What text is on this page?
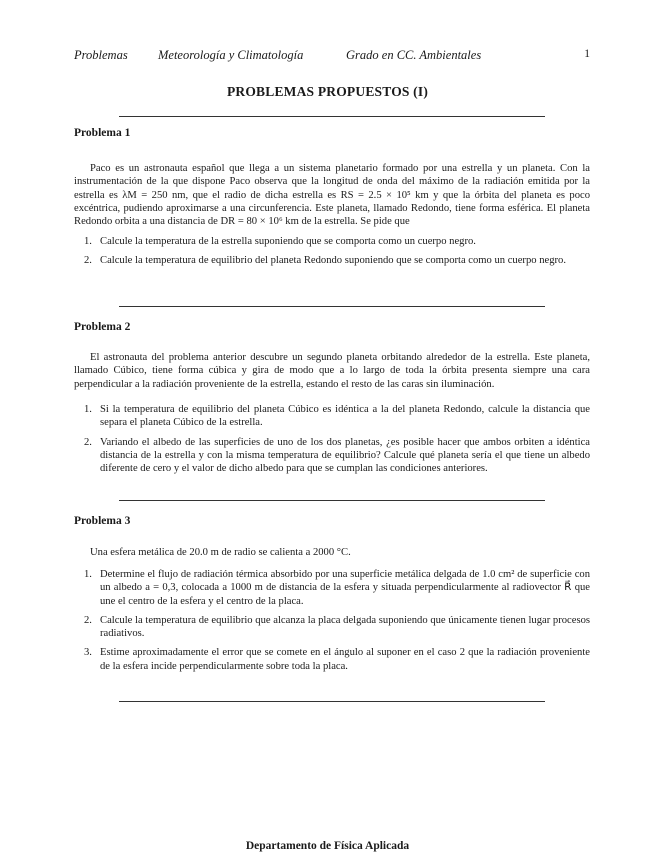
Problemas Meteorología y Climatología	Grado en CC. Ambientales	1
PROBLEMAS PROPUESTOS (I)
Problema 1

Paco es un astronauta español que llega a un sistema planetario formado por una estrella y un planeta. Con la instrumentación de la que dispone Paco observa que la longitud de onda del máximo de la radiación emitida por la estrella es λM = 250 nm, que el radio de dicha estrella es RS = 2.5 × 10⁵ km y que la órbita del planeta es poco excéntrica, pudiendo aproximarse a una circunferencia. Este planeta, llamado Redondo, tiene forma esférica. El planeta Redondo orbita a una distancia de DR = 80 × 10⁶ km de la estrella. Se pide que

1. Calcule la temperatura de la estrella suponiendo que se comporta como un cuerpo negro.
2. Calcule la temperatura de equilibrio del planeta Redondo suponiendo que se comporta como un cuerpo negro.
Problema 2

El astronauta del problema anterior descubre un segundo planeta orbitando alrededor de la estrella. Este planeta, llamado Cúbico, tiene forma cúbica y gira de modo que a lo largo de toda la órbita presenta siempre una cara perpendicular a la radiación proveniente de la estrella, estando el resto de las caras sin iluminación.

1. Si la temperatura de equilibrio del planeta Cúbico es idéntica a la del planeta Redondo, calcule la distancia que separa el planeta Cúbico de la estrella.
2. Variando el albedo de las superficies de uno de los dos planetas, ¿es posible hacer que ambos orbiten a idéntica distancia de la estrella y con la misma temperatura de equilibrio? Calcule qué planeta sería el que tiene un albedo diferente de cero y el valor de dicho albedo para que se cumplan las condiciones anteriores.
Problema 3

Una esfera metálica de 20.0 m de radio se calienta a 2000 °C.

1. Determine el flujo de radiación térmica absorbido por una superficie metálica delgada de 1.0 cm² de superficie con un albedo a = 0,3, colocada a 1000 m de distancia de la esfera y situada perpendicularmente al radiovector R⃗ que une el centro de la esfera y el centro de la placa.
2. Calcule la temperatura de equilibrio que alcanza la placa delgada suponiendo que únicamente tienen lugar procesos radiativos.
3. Estime aproximadamente el error que se comete en el ángulo al suponer en el caso 2 que la radiación proveniente de la esfera incide perpendicularmente sobre toda la placa.
Departamento de Física Aplicada
